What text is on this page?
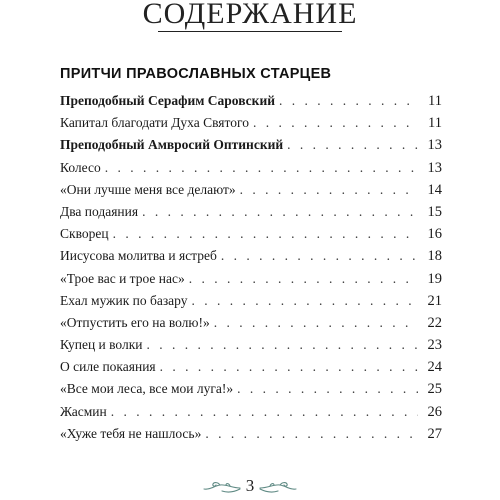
СОДЕРЖАНИЕ
ПРИТЧИ ПРАВОСЛАВНЫХ СТАРЦЕВ
Преподобный Серафим Саровский . . .	11
Капитал благодати Духа Святого . . .	11
Преподобный Амвросий Оптинский . . .	13
Колесо . . .	13
«Они лучше меня все делают» . . .	14
Два подаяния . . .	15
Скворец . . .	16
Иисусова молитва и ястреб . . .	18
«Трое вас и трое нас» . . .	19
Ехал мужик по базару . . .	21
«Отпустить его на волю!» . . .	22
Купец и волки . . .	23
О силе покаяния . . .	24
«Все мои леса, все мои луга!» . . .	25
Жасмин . . .	26
«Хуже тебя не нашлось» . . .	27
3
